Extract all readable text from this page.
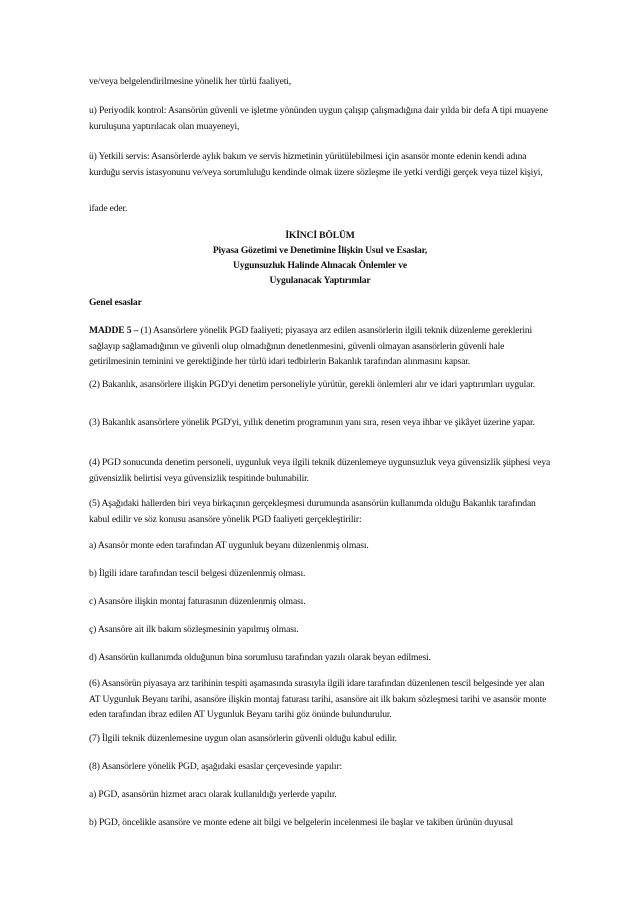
ve/veya belgelendirilmesine yönelik her türlü faaliyeti,

u) Periyodik kontrol: Asansörün güvenli ve işletme yönünden uygun çalışıp çalışmadığına dair yılda bir defa A tipi muayene kuruluşuna yaptırılacak olan muayeneyi,

ü) Yetkili servis: Asansörlerde aylık bakım ve servis hizmetinin yürütülebilmesi için asansör monte edenin kendi adına kurduğu servis istasyonunu ve/veya sorumluluğu kendinde olmak üzere sözleşme ile yetki verdiği gerçek veya tüzel kişiyi,

ifade eder.

İKİNCİ BÖLÜM

Piyasa Gözetimi ve Denetimine İlişkin Usul ve Esaslar,

Uygunsuzluk Halinde Alınacak Önlemler ve

Uygulanacak Yaptırımlar

Genel esaslar

MADDE 5 – (1) Asansörlere yönelik PGD faaliyeti; piyasaya arz edilen asansörlerin ilgili teknik düzenleme gereklerini sağlayıp sağlamadığının ve güvenli olup olmadığının denetlenmesini, güvenli olmayan asansörlerin güvenli hale getirilmesinin teminini ve gerektiğinde her türlü idari tedbirlerin Bakanlık tarafından alınmasını kapsar.

(2) Bakanlık, asansörlere ilişkin PGD'yi denetim personeliyle yürütür, gerekli önlemleri alır ve idari yaptırımları uygular.

(3) Bakanlık asansörlere yönelik PGD'yi, yıllık denetim programının yanı sıra, resen veya ihbar ve şikâyet üzerine yapar.

(4) PGD sonucunda denetim personeli, uygunluk veya ilgili teknik düzenlemeye uygunsuzluk veya güvensizlik şüphesi veya güvensizlik belirtisi veya güvensizlik tespitinde bulunabilir.

(5) Aşağıdaki hallerden biri veya birkaçının gerçekleşmesi durumunda asansörün kullanımda olduğu Bakanlık tarafından kabul edilir ve söz konusu asansöre yönelik PGD faaliyeti gerçekleştirilir:

a) Asansör monte eden tarafından AT uygunluk beyanı düzenlenmiş olması.

b) İlgili idare tarafından tescil belgesi düzenlenmiş olması.

c) Asansöre ilişkin montaj faturasının düzenlenmiş olması.

ç) Asansöre ait ilk bakım sözleşmesinin yapılmış olması.

d) Asansörün kullanımda olduğunun bina sorumlusu tarafından yazılı olarak beyan edilmesi.

(6) Asansörün piyasaya arz tarihinin tespiti aşamasında sırasıyla ilgili idare tarafından düzenlenen tescil belgesinde yer alan AT Uygunluk Beyanı tarihi, asansöre ilişkin montaj faturası tarihi, asansöre ait ilk bakım sözleşmesi tarihi ve asansör monte eden tarafından ibraz edilen AT Uygunluk Beyanı tarihi göz önünde bulundurulur.

(7) İlgili teknik düzenlemesine uygun olan asansörlerin güvenli olduğu kabul edilir.

(8) Asansörlere yönelik PGD, aşağıdaki esaslar çerçevesinde yapılır:

a) PGD, asansörün hizmet aracı olarak kullanıldığı yerlerde yapılır.

b) PGD, öncelikle asansöre ve monte edene ait bilgi ve belgelerin incelenmesi ile başlar ve takiben ürünün duyusal
